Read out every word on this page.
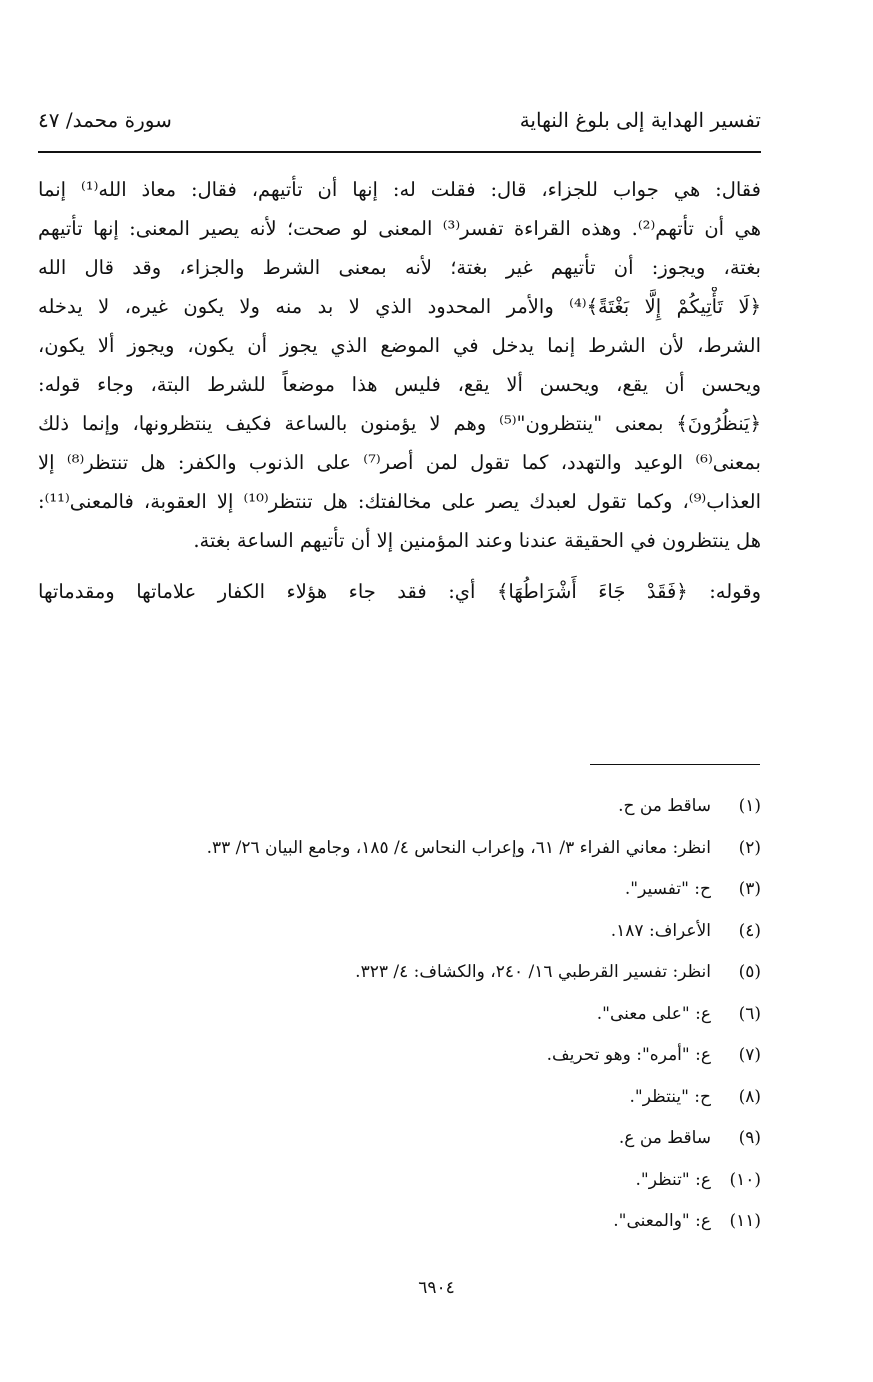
تفسير الهداية إلى بلوغ النهاية
سورة محمد/ ٤٧
فقال: هي جواب للجزاء، قال: فقلت له: إنها أن تأتيهم، فقال: معاذ الله⁽¹⁾ إنما
هي أن تأتهم⁽²⁾. وهذه القراءة تفسر⁽³⁾ المعنى لو صحت؛ لأنه يصير المعنى: إنها تأتيهم
بغتة، ويجوز: أن تأتيهم غير بغتة؛ لأنه بمعنى الشرط والجزاء، وقد قال الله
﴿لَا تَأْتِيكُمْ إِلَّا بَغْتَةً﴾⁽⁴⁾ والأمر المحدود الذي لا بد منه ولا يكون غيره، لا يدخله
الشرط، لأن الشرط إنما يدخل في الموضع الذي يجوز أن يكون، ويجوز ألا يكون،
ويحسن أن يقع، ويحسن ألا يقع، فليس هذا موضعاً للشرط البتة، وجاء قوله:
﴿يَنظُرُونَ﴾ بمعنى "ينتظرون"⁽⁵⁾ وهم لا يؤمنون بالساعة فكيف ينتظرونها، وإنما ذلك
بمعنى⁽⁶⁾ الوعيد والتهدد، كما تقول لمن أصر⁽⁷⁾ على الذنوب والكفر: هل تنتظر⁽⁸⁾ إلا
العذاب⁽⁹⁾، وكما تقول لعبدك يصر على مخالفتك: هل تنتظر⁽¹⁰⁾ إلا العقوبة، فالمعنى⁽¹¹⁾:
هل ينتظرون في الحقيقة عندنا وعند المؤمنين إلا أن تأتيهم الساعة بغتة.
وقوله: ﴿فَقَدْ جَاءَ أَشْرَاطُهَا﴾ أي: فقد جاء هؤلاء الكفار علاماتها ومقدماتها
(١)ساقط من ح.
(٢)انظر: معاني الفراء ٣/ ٦١، وإعراب النحاس ٤/ ١٨٥، وجامع البيان ٢٦/ ٣٣.
(٣)ح: "تفسير".
(٤)الأعراف: ١٨٧.
(٥)انظر: تفسير القرطبي ١٦/ ٢٤٠، والكشاف: ٤/ ٣٢٣.
(٦)ع: "على معنى".
(٧)ع: "أمره": وهو تحريف.
(٨)ح: "ينتظر".
(٩)ساقط من ع.
(١٠)ع: "تنظر".
(١١)ع: "والمعنى".
٦٩٠٤
